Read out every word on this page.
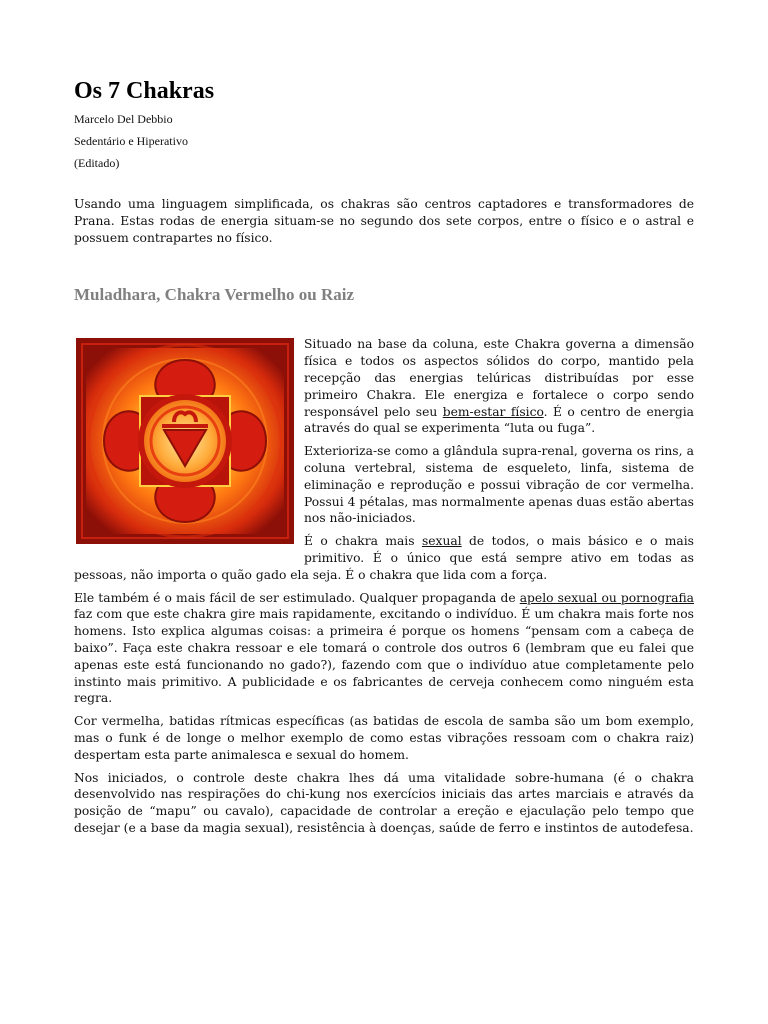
Os 7 Chakras

Marcelo Del Debbio

Sedentário e Hiperativo

(Editado)

Usando uma linguagem simplificada, os chakras são centros captadores e transformadores de Prana. Estas rodas de energia situam-se no segundo dos sete corpos, entre o físico e o astral e possuem contrapartes no físico.

Muladhara, Chakra Vermelho ou Raiz

Situado na base da coluna, este Chakra governa a dimensão física e todos os aspectos sólidos do corpo, mantido pela recepção das energias telúricas distribuídas por esse primeiro Chakra. Ele energiza e fortalece o corpo sendo responsável pelo seu bem-estar físico. É o centro de energia através do qual se experimenta “luta ou fuga”.

Exterioriza-se como a glândula supra-renal, governa os rins, a coluna vertebral, sistema de esqueleto, linfa, sistema de eliminação e reprodução e possui vibração de cor vermelha. Possui 4 pétalas, mas normalmente apenas duas estão abertas nos não-iniciados.

É o chakra mais sexual de todos, o mais básico e o mais primitivo. É o único que está sempre ativo em todas as pessoas, não importa o quão gado ela seja. É o chakra que lida com a força.

Ele também é o mais fácil de ser estimulado. Qualquer propaganda de apelo sexual ou pornografia faz com que este chakra gire mais rapidamente, excitando o indivíduo. É um chakra mais forte nos homens. Isto explica algumas coisas: a primeira é porque os homens “pensam com a cabeça de baixo”. Faça este chakra ressoar e ele tomará o controle dos outros 6 (lembram que eu falei que apenas este está funcionando no gado?), fazendo com que o indivíduo atue completamente pelo instinto mais primitivo. A publicidade e os fabricantes de cerveja conhecem como ninguém esta regra.

Cor vermelha, batidas rítmicas específicas (as batidas de escola de samba são um bom exemplo, mas o funk é de longe o melhor exemplo de como estas vibrações ressoam com o chakra raiz) despertam esta parte animalesca e sexual do homem.

Nos iniciados, o controle deste chakra lhes dá uma vitalidade sobre-humana (é o chakra desenvolvido nas respirações do chi-kung nos exercícios iniciais das artes marciais e através da posição de “mapu” ou cavalo), capacidade de controlar a ereção e ejaculação pelo tempo que desejar (e a base da magia sexual), resistência à doenças, saúde de ferro e instintos de autodefesa.
